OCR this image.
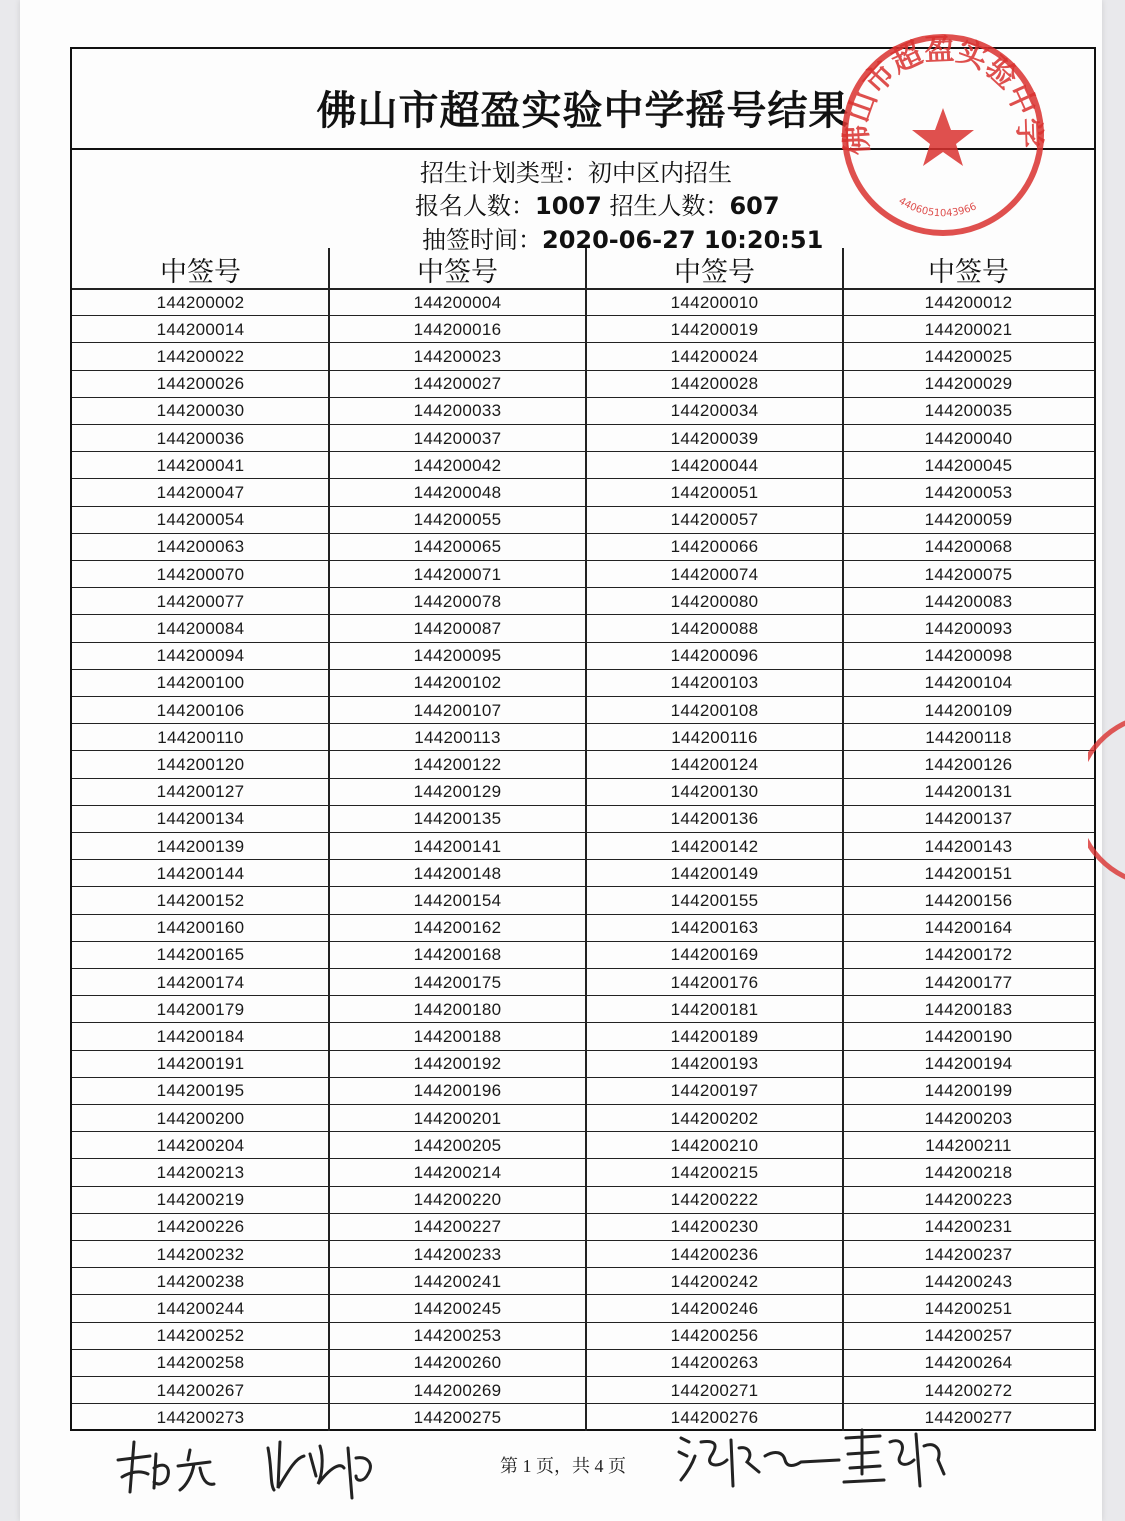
佛山市超盈实验中学摇号结果
招生计划类型：初中区内招生
报名人数：1007 招生人数：607
抽签时间：2020-06-27 10:20:51
中签号	中签号	中签号	中签号
144200002	144200004	144200010	144200012
144200014	144200016	144200019	144200021
144200022	144200023	144200024	144200025
144200026	144200027	144200028	144200029
144200030	144200033	144200034	144200035
144200036	144200037	144200039	144200040
144200041	144200042	144200044	144200045
144200047	144200048	144200051	144200053
144200054	144200055	144200057	144200059
144200063	144200065	144200066	144200068
144200070	144200071	144200074	144200075
144200077	144200078	144200080	144200083
144200084	144200087	144200088	144200093
144200094	144200095	144200096	144200098
144200100	144200102	144200103	144200104
144200106	144200107	144200108	144200109
144200110	144200113	144200116	144200118
144200120	144200122	144200124	144200126
144200127	144200129	144200130	144200131
144200134	144200135	144200136	144200137
144200139	144200141	144200142	144200143
144200144	144200148	144200149	144200151
144200152	144200154	144200155	144200156
144200160	144200162	144200163	144200164
144200165	144200168	144200169	144200172
144200174	144200175	144200176	144200177
144200179	144200180	144200181	144200183
144200184	144200188	144200189	144200190
144200191	144200192	144200193	144200194
144200195	144200196	144200197	144200199
144200200	144200201	144200202	144200203
144200204	144200205	144200210	144200211
144200213	144200214	144200215	144200218
144200219	144200220	144200222	144200223
144200226	144200227	144200230	144200231
144200232	144200233	144200236	144200237
144200238	144200241	144200242	144200243
144200244	144200245	144200246	144200251
144200252	144200253	144200256	144200257
144200258	144200260	144200263	144200264
144200267	144200269	144200271	144200272
144200273	144200275	144200276	144200277
佛山市超盈实验中学
4406051043966
第 1 页，共 4 页
